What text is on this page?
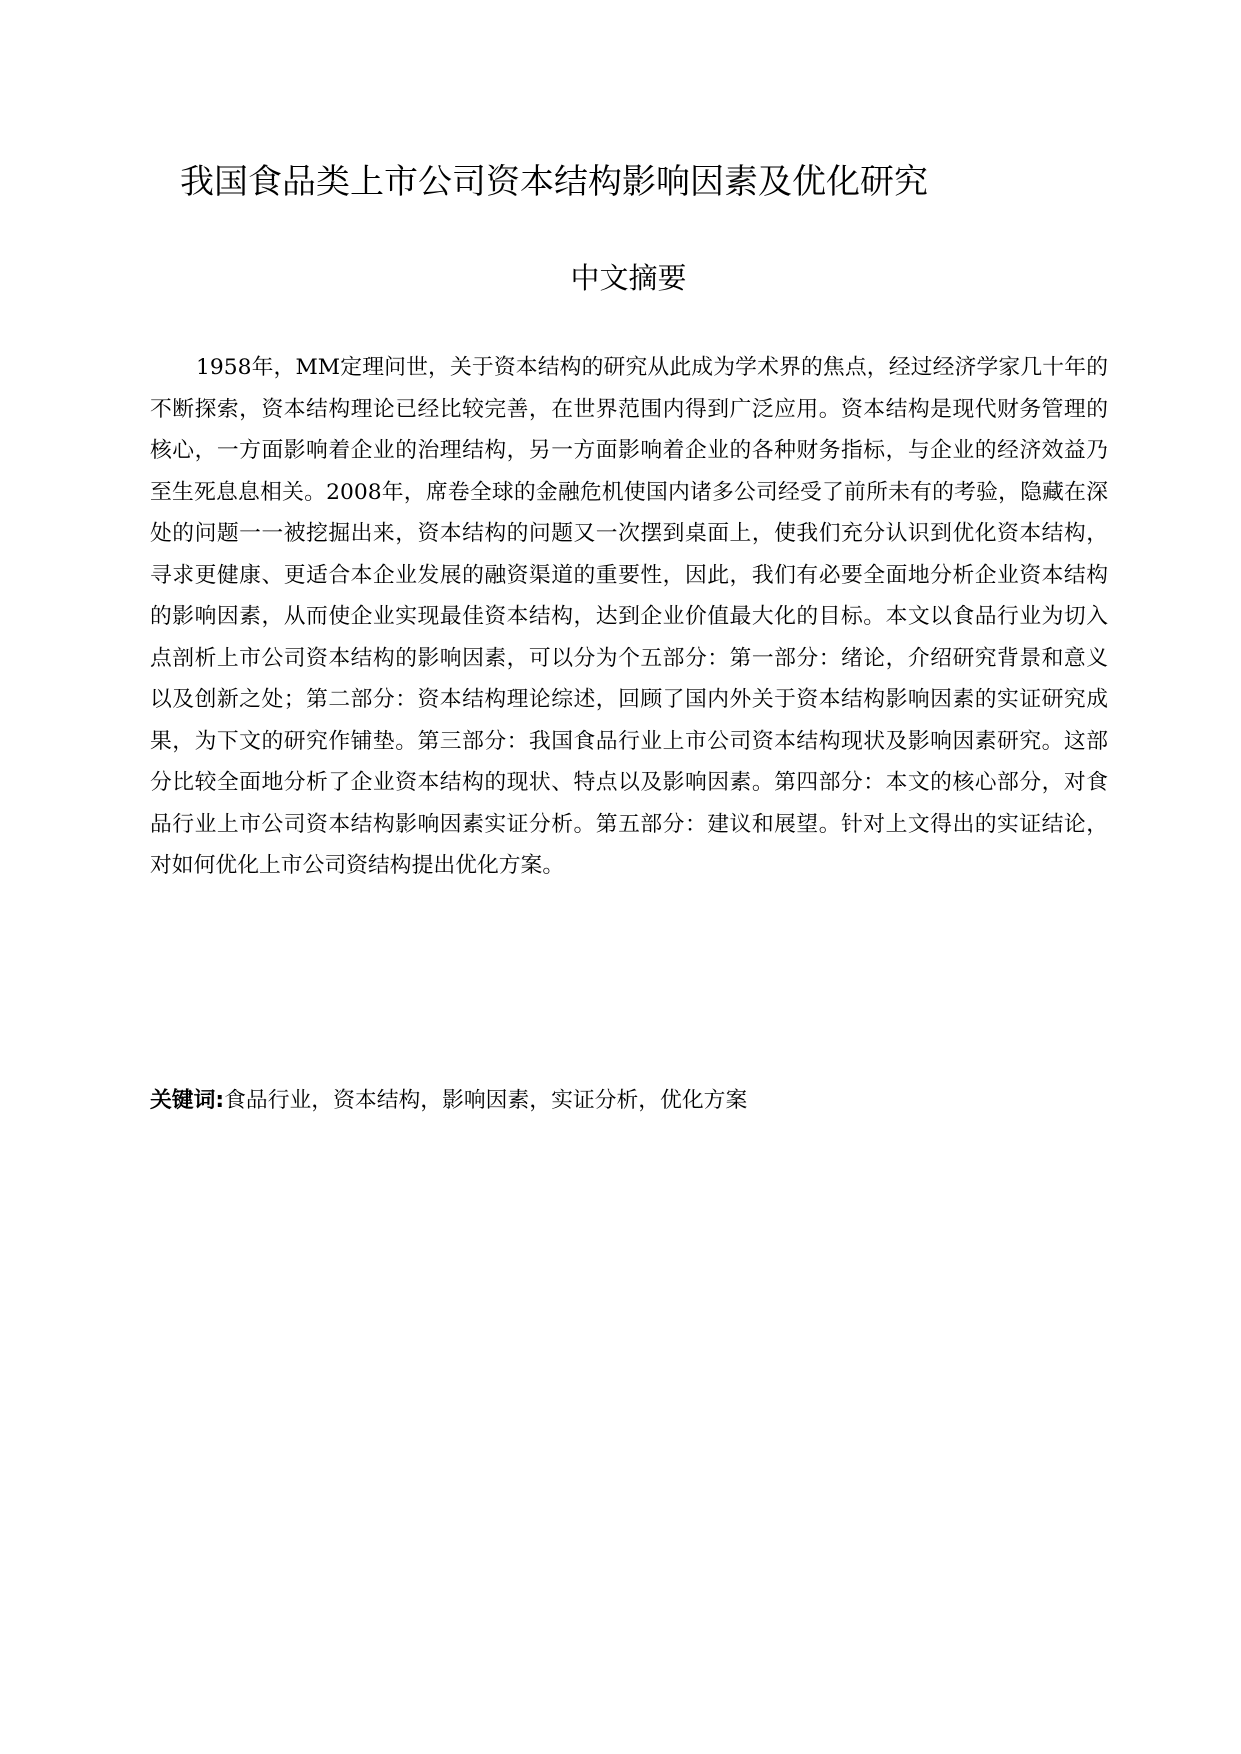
我国食品类上市公司资本结构影响因素及优化研究
中文摘要

1958年，MM定理问世，关于资本结构的研究从此成为学术界的焦点，经过经济学家几十年的不断探索，资本结构理论已经比较完善，在世界范围内得到广泛应用。资本结构是现代财务管理的核心，一方面影响着企业的治理结构，另一方面影响着企业的各种财务指标，与企业的经济效益乃至生死息息相关。2008年，席卷全球的金融危机使国内诸多公司经受了前所未有的考验，隐藏在深处的问题一一被挖掘出来，资本结构的问题又一次摆到桌面上，使我们充分认识到优化资本结构，寻求更健康、更适合本企业发展的融资渠道的重要性，因此，我们有必要全面地分析企业资本结构的影响因素，从而使企业实现最佳资本结构，达到企业价值最大化的目标。本文以食品行业为切入点剖析上市公司资本结构的影响因素，可以分为个五部分：第一部分：绪论，介绍研究背景和意义以及创新之处；第二部分：资本结构理论综述，回顾了国内外关于资本结构影响因素的实证研究成果，为下文的研究作铺垫。第三部分：我国食品行业上市公司资本结构现状及影响因素研究。这部分比较全面地分析了企业资本结构的现状、特点以及影响因素。第四部分：本文的核心部分，对食品行业上市公司资本结构影响因素实证分析。第五部分：建议和展望。针对上文得出的实证结论，对如何优化上市公司资结构提出优化方案。

关键词:食品行业，资本结构，影响因素，实证分析，优化方案
